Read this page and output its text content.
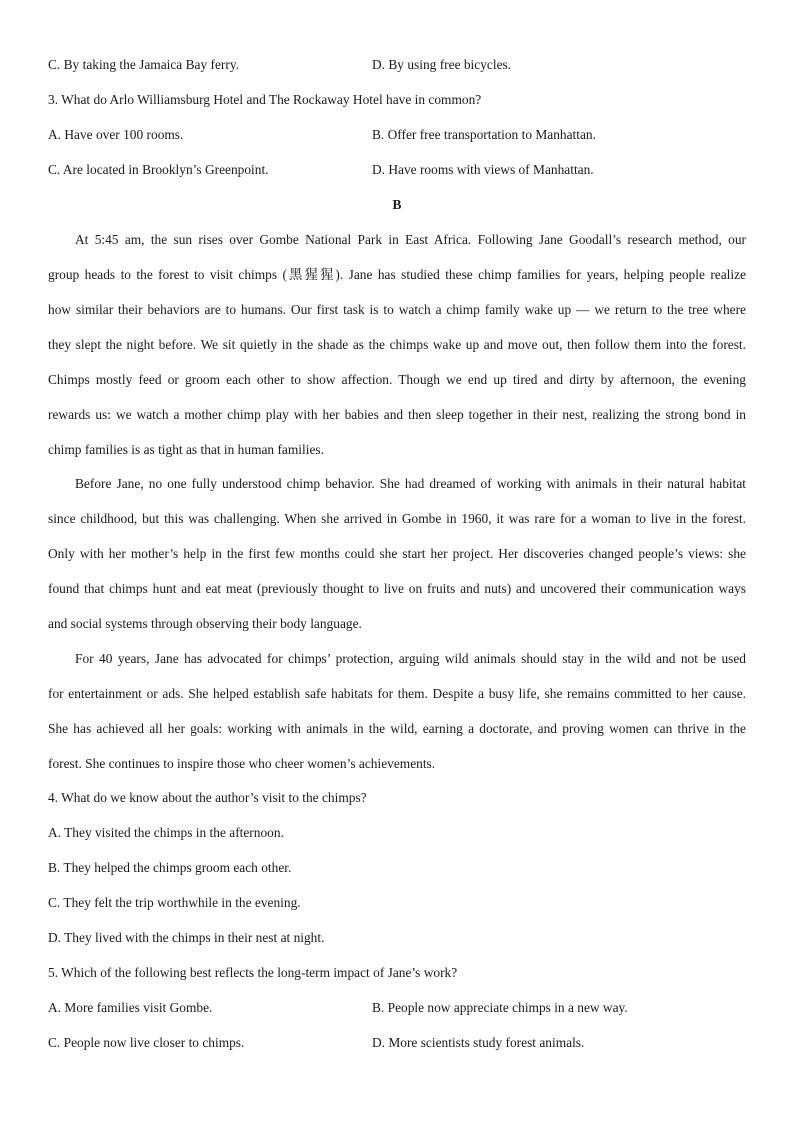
C. By taking the Jamaica Bay ferry.	D. By using free bicycles.
3. What do Arlo Williamsburg Hotel and The Rockaway Hotel have in common?
A. Have over 100 rooms.	B. Offer free transportation to Manhattan.
C. Are located in Brooklyn’s Greenpoint.	D. Have rooms with views of Manhattan.
B
At 5:45 am, the sun rises over Gombe National Park in East Africa. Following Jane Goodall’s research method, our
group heads to the forest to visit chimps (黑猩猩). Jane has studied these chimp families for years, helping people realize
how similar their behaviors are to humans. Our first task is to watch a chimp family wake up — we return to the tree where
they slept the night before. We sit quietly in the shade as the chimps wake up and move out, then follow them into the forest.
Chimps mostly feed or groom each other to show affection. Though we end up tired and dirty by afternoon, the evening
rewards us: we watch a mother chimp play with her babies and then sleep together in their nest, realizing the strong bond in
chimp families is as tight as that in human families.
Before Jane, no one fully understood chimp behavior. She had dreamed of working with animals in their natural habitat
since childhood, but this was challenging. When she arrived in Gombe in 1960, it was rare for a woman to live in the forest.
Only with her mother’s help in the first few months could she start her project. Her discoveries changed people’s views: she
found that chimps hunt and eat meat (previously thought to live on fruits and nuts) and uncovered their communication ways
and social systems through observing their body language.
For 40 years, Jane has advocated for chimps’ protection, arguing wild animals should stay in the wild and not be used
for entertainment or ads. She helped establish safe habitats for them. Despite a busy life, she remains committed to her cause.
She has achieved all her goals: working with animals in the wild, earning a doctorate, and proving women can thrive in the
forest. She continues to inspire those who cheer women’s achievements.
4. What do we know about the author’s visit to the chimps?
A. They visited the chimps in the afternoon.
B. They helped the chimps groom each other.
C. They felt the trip worthwhile in the evening.
D. They lived with the chimps in their nest at night.
5. Which of the following best reflects the long-term impact of Jane’s work?
A. More families visit Gombe.	B. People now appreciate chimps in a new way.
C. People now live closer to chimps.	D. More scientists study forest animals.
